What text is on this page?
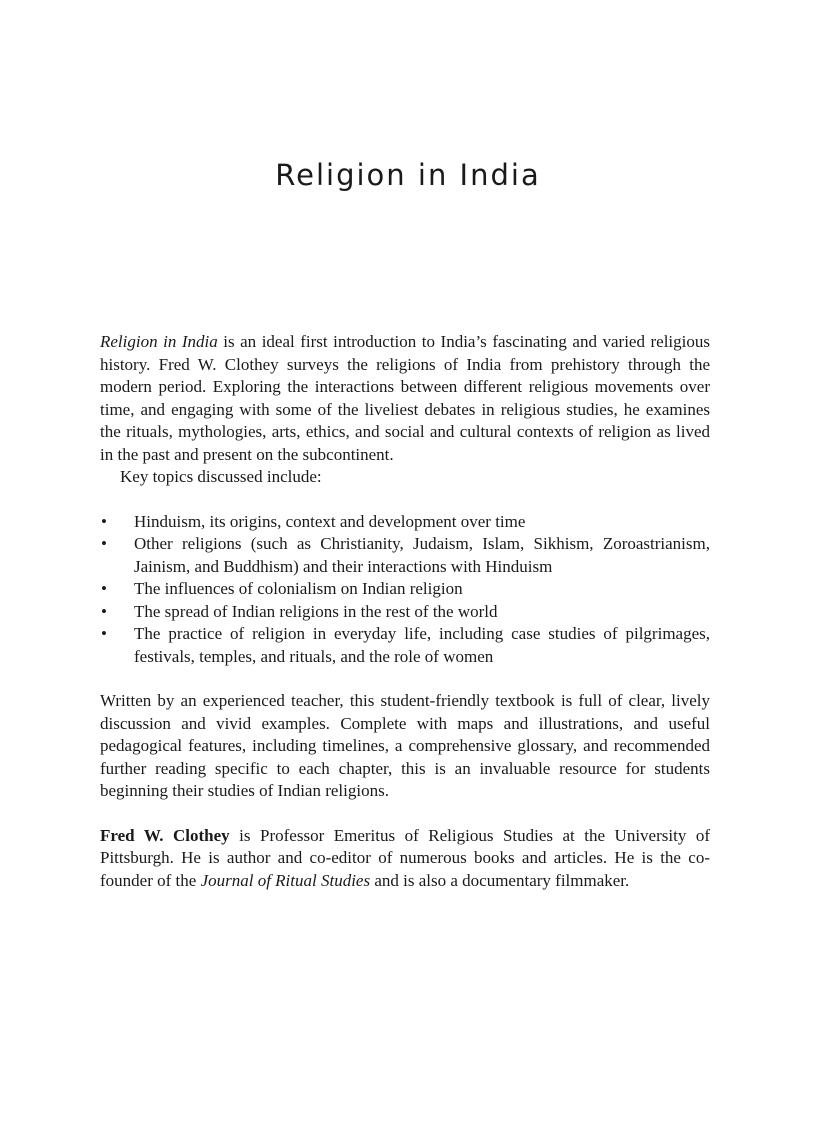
Religion in India

Religion in India is an ideal first introduction to India’s fascinating and varied religious history. Fred W. Clothey surveys the religions of India from prehistory through the modern period. Exploring the interactions between different religious movements over time, and engaging with some of the liveliest debates in religious studies, he examines the rituals, mythologies, arts, ethics, and social and cultural contexts of religion as lived in the past and present on the subcontinent.

Key topics discussed include:

• Hinduism, its origins, context and development over time
• Other religions (such as Christianity, Judaism, Islam, Sikhism, Zoroastrianism, Jainism, and Buddhism) and their interactions with Hinduism
• The influences of colonialism on Indian religion
• The spread of Indian religions in the rest of the world
• The practice of religion in everyday life, including case studies of pilgrimages, festivals, temples, and rituals, and the role of women

Written by an experienced teacher, this student-friendly textbook is full of clear, lively discussion and vivid examples. Complete with maps and illustrations, and useful pedagogical features, including timelines, a comprehensive glossary, and recommended further reading specific to each chapter, this is an invaluable resource for students beginning their studies of Indian religions.

Fred W. Clothey is Professor Emeritus of Religious Studies at the University of Pittsburgh. He is author and co-editor of numerous books and articles. He is the co-founder of the Journal of Ritual Studies and is also a documentary filmmaker.
